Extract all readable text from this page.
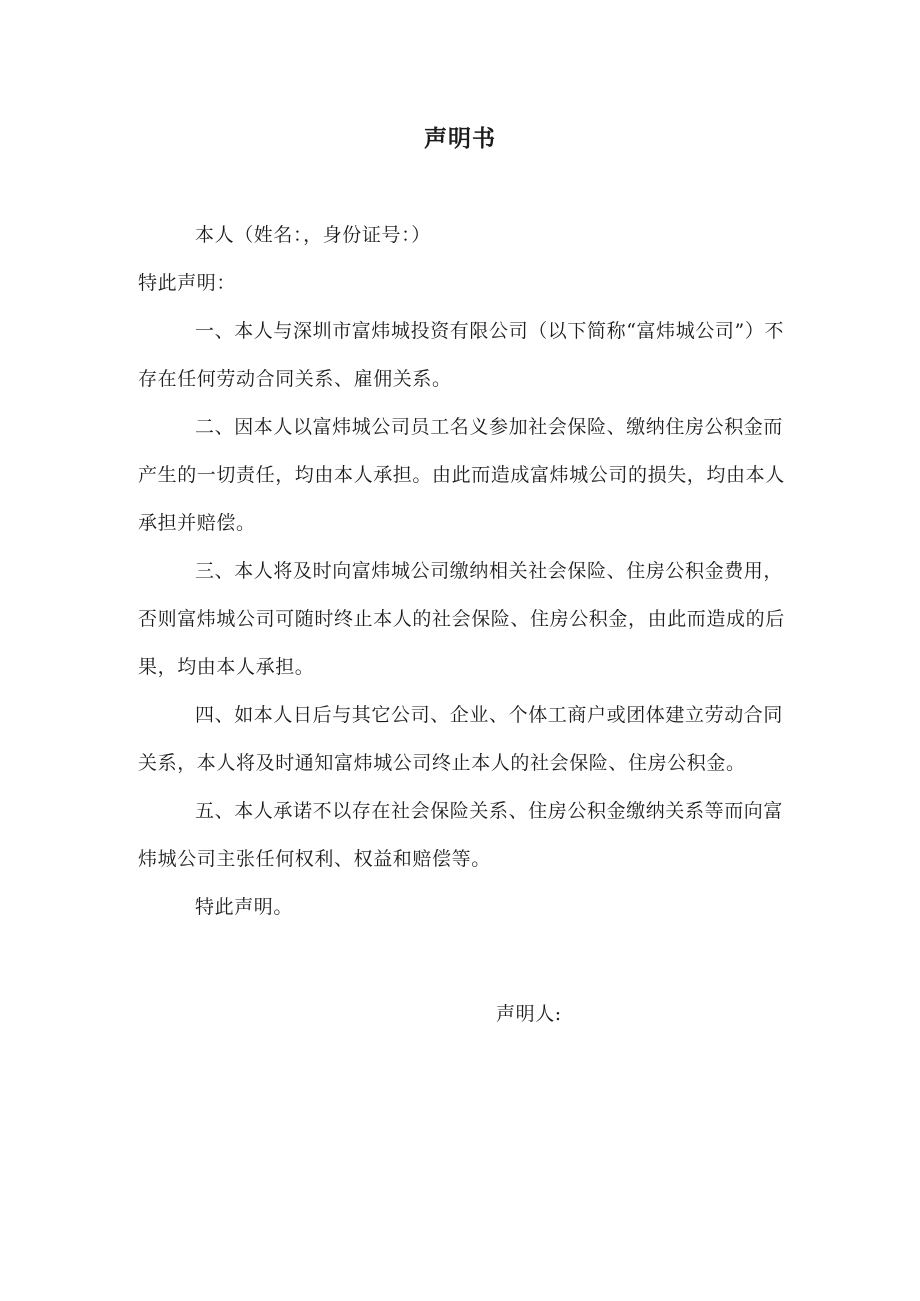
声明书

本人（姓名：，身份证号：）

特此声明：

一、本人与深圳市富炜城投资有限公司（以下简称“富炜城公司”）不存在任何劳动合同关系、雇佣关系。

二、因本人以富炜城公司员工名义参加社会保险、缴纳住房公积金而产生的一切责任，均由本人承担。由此而造成富炜城公司的损失，均由本人承担并赔偿。

三、本人将及时向富炜城公司缴纳相关社会保险、住房公积金费用，否则富炜城公司可随时终止本人的社会保险、住房公积金，由此而造成的后果，均由本人承担。

四、如本人日后与其它公司、企业、个体工商户或团体建立劳动合同关系，本人将及时通知富炜城公司终止本人的社会保险、住房公积金。

五、本人承诺不以存在社会保险关系、住房公积金缴纳关系等而向富炜城公司主张任何权利、权益和赔偿等。

特此声明。

声明人:
